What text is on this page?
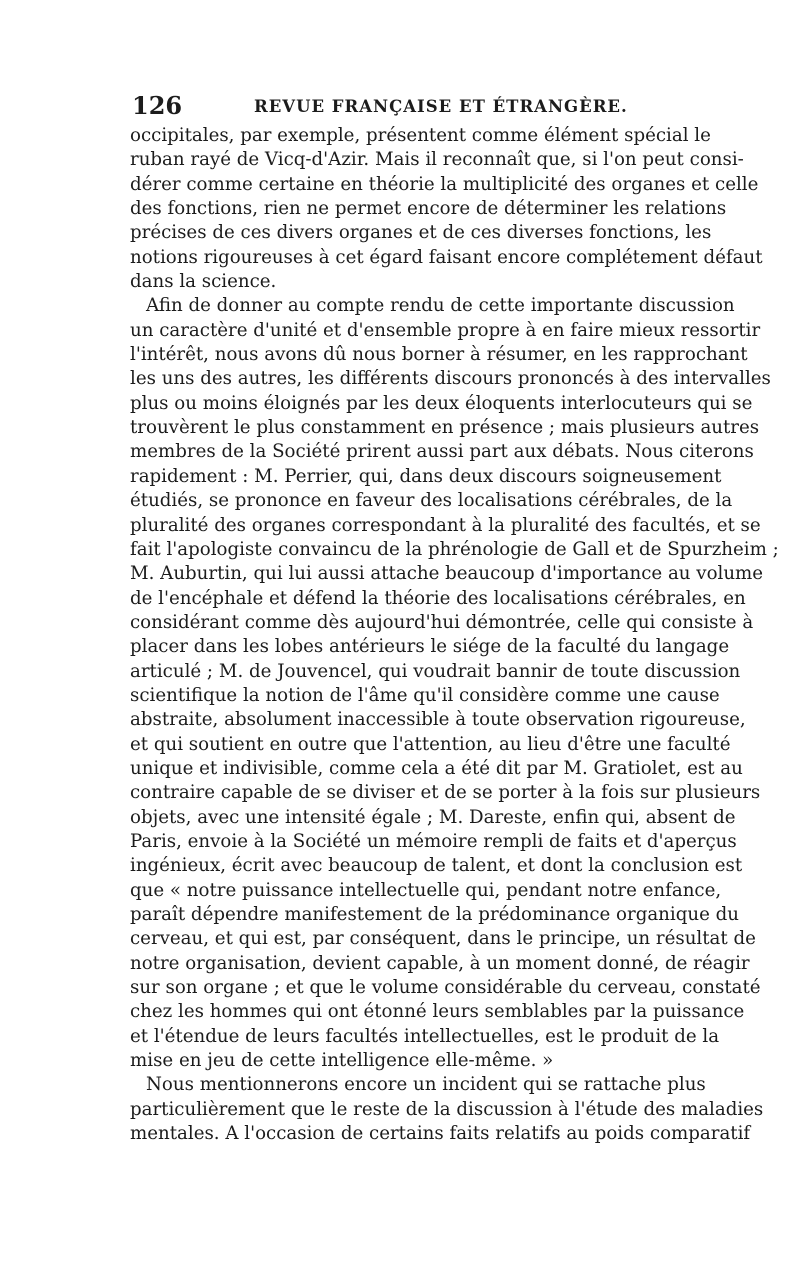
126	REVUE FRANÇAISE ET ÉTRANGÈRE.
occipitales, par exemple, présentent comme élément spécial le
ruban rayé de Vicq-d'Azir. Mais il reconnaît que, si l'on peut consi-
dérer comme certaine en théorie la multiplicité des organes et celle
des fonctions, rien ne permet encore de déterminer les relations
précises de ces divers organes et de ces diverses fonctions, les
notions rigoureuses à cet égard faisant encore complétement défaut
dans la science.
Afin de donner au compte rendu de cette importante discussion
un caractère d'unité et d'ensemble propre à en faire mieux ressortir
l'intérêt, nous avons dû nous borner à résumer, en les rapprochant
les uns des autres, les différents discours prononcés à des intervalles
plus ou moins éloignés par les deux éloquents interlocuteurs qui se
trouvèrent le plus constamment en présence ; mais plusieurs autres
membres de la Société prirent aussi part aux débats. Nous citerons
rapidement : M. Perrier, qui, dans deux discours soigneusement
étudiés, se prononce en faveur des localisations cérébrales, de la
pluralité des organes correspondant à la pluralité des facultés, et se
fait l'apologiste convaincu de la phrénologie de Gall et de Spurzheim ;
M. Auburtin, qui lui aussi attache beaucoup d'importance au volume
de l'encéphale et défend la théorie des localisations cérébrales, en
considérant comme dès aujourd'hui démontrée, celle qui consiste à
placer dans les lobes antérieurs le siége de la faculté du langage
articulé ; M. de Jouvencel, qui voudrait bannir de toute discussion
scientifique la notion de l'âme qu'il considère comme une cause
abstraite, absolument inaccessible à toute observation rigoureuse,
et qui soutient en outre que l'attention, au lieu d'être une faculté
unique et indivisible, comme cela a été dit par M. Gratiolet, est au
contraire capable de se diviser et de se porter à la fois sur plusieurs
objets, avec une intensité égale ; M. Dareste, enfin qui, absent de
Paris, envoie à la Société un mémoire rempli de faits et d'aperçus
ingénieux, écrit avec beaucoup de talent, et dont la conclusion est
que « notre puissance intellectuelle qui, pendant notre enfance,
paraît dépendre manifestement de la prédominance organique du
cerveau, et qui est, par conséquent, dans le principe, un résultat de
notre organisation, devient capable, à un moment donné, de réagir
sur son organe ; et que le volume considérable du cerveau, constaté
chez les hommes qui ont étonné leurs semblables par la puissance
et l'étendue de leurs facultés intellectuelles, est le produit de la
mise en jeu de cette intelligence elle-même. »
Nous mentionnerons encore un incident qui se rattache plus
particulièrement que le reste de la discussion à l'étude des maladies
mentales. A l'occasion de certains faits relatifs au poids comparatif
